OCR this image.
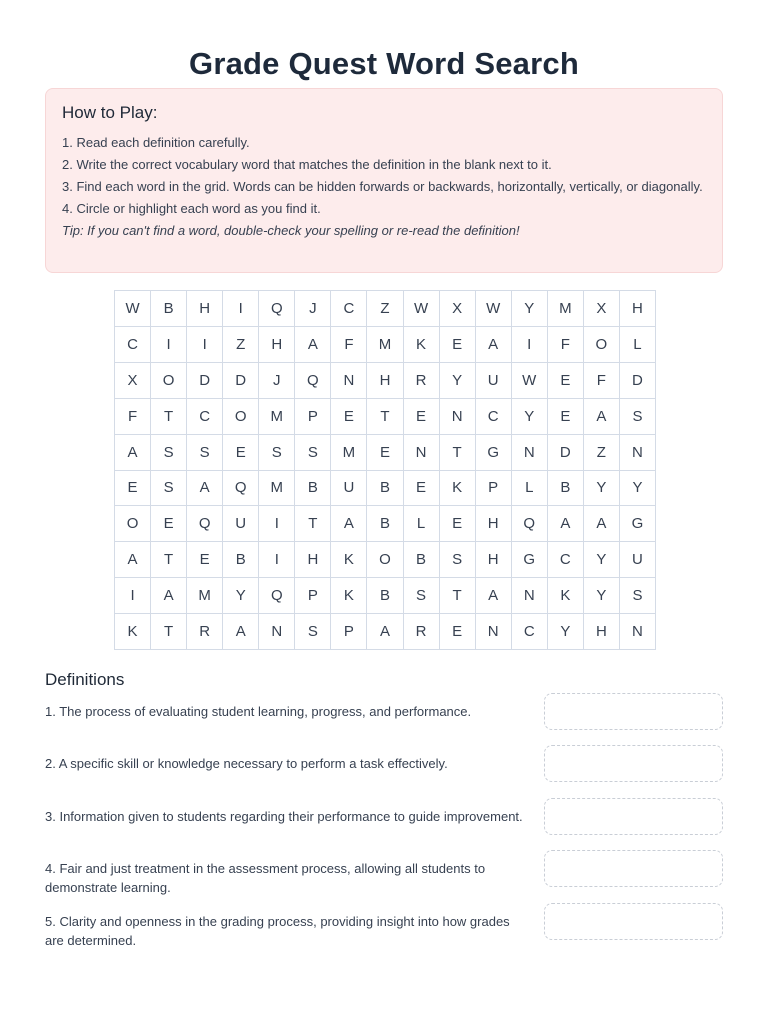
Grade Quest Word Search
How to Play:
1. Read each definition carefully.
2. Write the correct vocabulary word that matches the definition in the blank next to it.
3. Find each word in the grid. Words can be hidden forwards or backwards, horizontally, vertically, or diagonally.
4. Circle or highlight each word as you find it.

Tip: If you can't find a word, double-check your spelling or re-read the definition!

W	B	H	I	Q	J	C	Z	W	X	W	Y	M	X	H
C	I	I	Z	H	A	F	M	K	E	A	I	F	O	L
X	O	D	D	J	Q	N	H	R	Y	U	W	E	F	D
F	T	C	O	M	P	E	T	E	N	C	Y	E	A	S
A	S	S	E	S	S	M	E	N	T	G	N	D	Z	N
E	S	A	Q	M	B	U	B	E	K	P	L	B	Y	Y
O	E	Q	U	I	T	A	B	L	E	H	Q	A	A	G
A	T	E	B	I	H	K	O	B	S	H	G	C	Y	U
I	A	M	Y	Q	P	K	B	S	T	A	N	K	Y	S
K	T	R	A	N	S	P	A	R	E	N	C	Y	H	N
Definitions

1. The process of evaluating student learning, progress, and performance.

2. A specific skill or knowledge necessary to perform a task effectively.

3. Information given to students regarding their performance to guide improvement.

4. Fair and just treatment in the assessment process, allowing all students to demonstrate learning.

5. Clarity and openness in the grading process, providing insight into how grades are determined.
